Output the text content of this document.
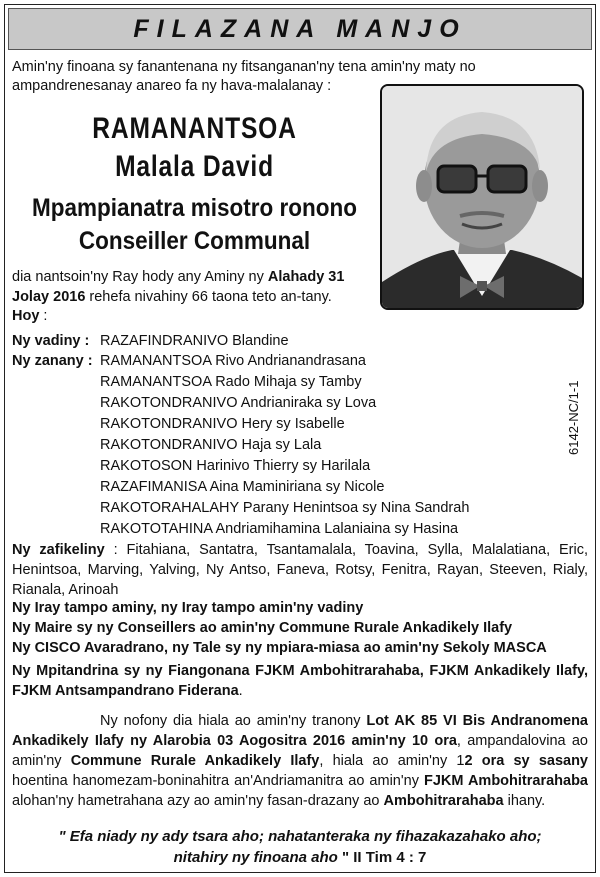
FILAZANA MANJO
Amin'ny finoana sy fanantenana ny fitsanganan'ny tena amin'ny maty no ampandrenesanay anareo fa ny hava-malalanay :
RAMANANTSOA
Malala David
Mpampianatra misotro ronono
Conseiller Communal
dia nantsoin'ny Ray hody any Aminy ny Alahady 31 Jolay 2016 rehefa nivahiny 66 taona teto an-tany.
Hoy :
Ny vadiny : RAZAFINDRANIVO Blandine
Ny zanany : RAMANANTSOA Rivo Andrianandrasana
RAMANANTSOA Rado Mihaja sy Tamby
RAKOTONDRANIVO Andrianiraka sy Lova
RAKOTONDRANIVO Hery sy Isabelle
RAKOTONDRANIVO Haja sy Lala
RAKOTOSON Harinivo Thierry sy Harilala
RAZAFIMANISA Aina Maminiriana sy Nicole
RAKOTORAHALAHY Parany Henintsoa sy Nina Sandrah
RAKOTOTAHINA Andriamihamina Lalaniaina sy Hasina
6142-NC/1-1
Ny zafikeliny : Fitahiana, Santatra, Tsantamalala, Toavina, Sylla, Malalatiana, Eric, Henintsoa, Marving, Yalving, Ny Antso, Faneva, Rotsy, Fenitra, Rayan, Steeven, Rialy, Rianala, Arinoah
Ny Iray tampo aminy, ny Iray tampo amin'ny vadiny
Ny Maire sy ny Conseillers ao amin'ny Commune Rurale Ankadikely Ilafy
Ny CISCO Avaradrano, ny Tale sy ny mpiara-miasa ao amin'ny Sekoly MASCA
Ny Mpitandrina sy ny Fiangonana FJKM Ambohitrarahaba, FJKM Ankadikely Ilafy, FJKM Antsampandrano Fiderana.
Ny nofony dia hiala ao amin'ny tranony Lot AK 85 VI Bis Andranomena Ankadikely Ilafy ny Alarobia 03 Aogositra 2016 amin'ny 10 ora, ampandalovina ao amin'ny Commune Rurale Ankadikely Ilafy, hiala ao amin'ny 12 ora sy sasany hoentina hanomezam-boninahitra an'Andriamanitra ao amin'ny FJKM Ambohitrarahaba alohan'ny hametrahana azy ao amin'ny fasan-drazany ao Ambohitrarahaba ihany.
" Efa niady ny ady tsara aho; nahatanteraka ny fihazakazahako aho;
nitahiry ny finoana aho " II Tim 4 : 7
